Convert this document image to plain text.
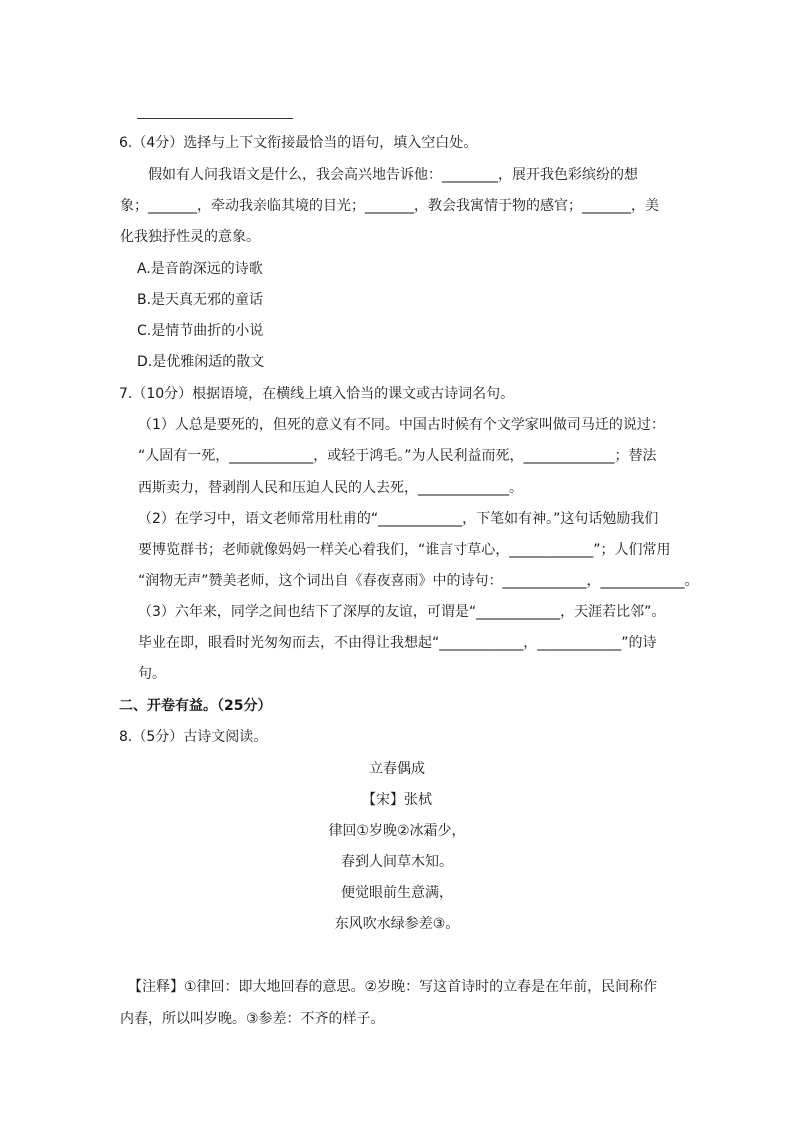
6.（4分）选择与上下文衔接最恰当的语句，填入空白处。
假如有人问我语文是什么，我会高兴地告诉他：________，展开我色彩缤纷的想
象；_______，牵动我亲临其境的目光；_______，教会我寓情于物的感官；_______，美
化我独抒性灵的意象。
A.是音韵深远的诗歌
B.是天真无邪的童话
C.是情节曲折的小说
D.是优雅闲适的散文
7.（10分）根据语境，在横线上填入恰当的课文或古诗词名句。
（1）人总是要死的，但死的意义有不同。中国古时候有个文学家叫做司马迁的说过：
“人固有一死，____________，或轻于鸿毛。”为人民利益而死，_____________；替法
西斯卖力，替剥削人民和压迫人民的人去死，_____________。
（2）在学习中，语文老师常用杜甫的“____________，下笔如有神。”这句话勉励我们
要博览群书；老师就像妈妈一样关心着我们，“谁言寸草心，____________”；人们常用
“润物无声”赞美老师，这个词出自《春夜喜雨》中的诗句：____________，____________。
（3）六年来，同学之间也结下了深厚的友谊，可谓是“____________，天涯若比邻”。
毕业在即，眼看时光匆匆而去，不由得让我想起“____________，____________”的诗
句。
二、开卷有益。（25分）
8.（5分）古诗文阅读。
立春偶成
【宋】张栻
律回①岁晚②冰霜少，
春到人间草木知。
便觉眼前生意满，
东风吹水绿参差③。
【注释】①律回：即大地回春的意思。②岁晚：写这首诗时的立春是在年前，民间称作
内春，所以叫岁晚。③参差：不齐的样子。
